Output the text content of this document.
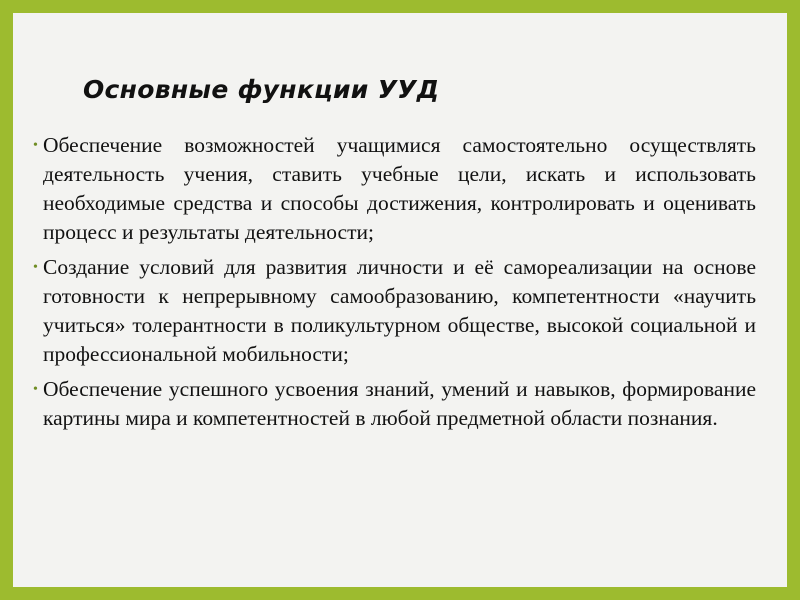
Основные функции УУД
• Обеспечение возможностей учащимися самостоятельно осуществлять деятельность учения, ставить учебные цели, искать и использовать необходимые средства и способы достижения, контролировать и оценивать процесс и результаты деятельности;
• Создание условий для развития личности и её самореализации на основе готовности к непрерывному самообразованию, компетентности «научить учиться» толерантности в поликультурном обществе, высокой социальной и профессиональной мобильности;
• Обеспечение успешного усвоения знаний, умений и навыков, формирование картины мира и компетентностей в любой предметной области познания.
